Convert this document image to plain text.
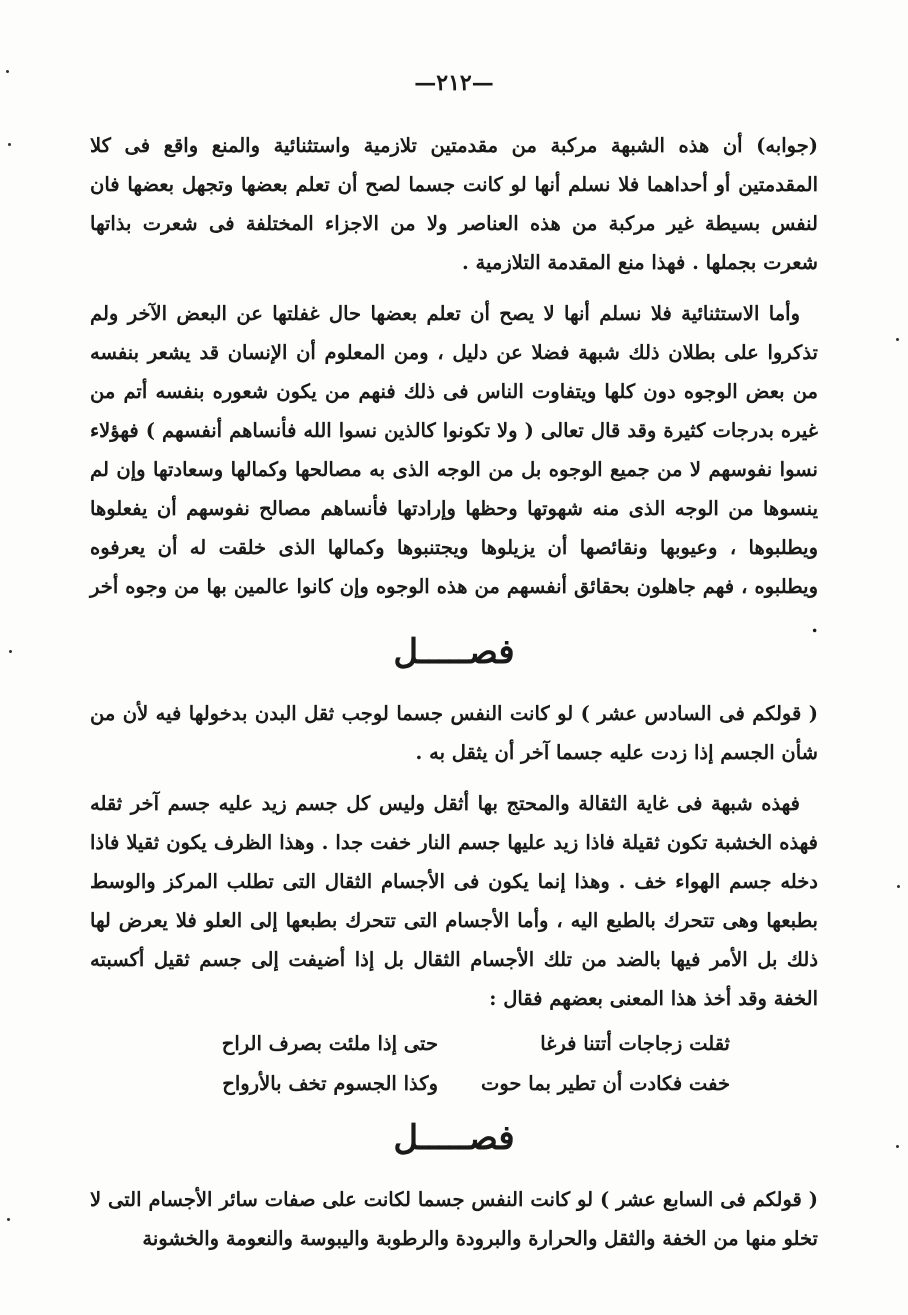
—٢١٢—

(جوابه) أن هذه الشبهة مركبة من مقدمتين تلازمية واستثنائية والمنع واقع فى كلا المقدمتين أو أحداهما فلا نسلم أنها لو كانت جسما لصح أن تعلم بعضها وتجهل بعضها فان لنفس بسيطة غير مركبة من هذه العناصر ولا من الاجزاء المختلفة فى شعرت بذاتها شعرت بجملها . فهذا منع المقدمة التلازمية .

وأما الاستثنائية فلا نسلم أنها لا يصح أن تعلم بعضها حال غفلتها عن البعض الآخر ولم تذكروا على بطلان ذلك شبهة فضلا عن دليل ، ومن المعلوم أن الإنسان قد يشعر بنفسه من بعض الوجوه دون كلها ويتفاوت الناس فى ذلك فنهم من يكون شعوره بنفسه أتم من غيره بدرجات كثيرة وقد قال تعالى ( ولا تكونوا كالذين نسوا الله فأنساهم أنفسهم ) فهؤلاء نسوا نفوسهم لا من جميع الوجوه بل من الوجه الذى به مصالحها وكمالها وسعادتها وإن لم ينسوها من الوجه الذى منه شهوتها وحظها وإرادتها فأنساهم مصالح نفوسهم أن يفعلوها ويطلبوها ، وعيوبها ونقائصها أن يزيلوها ويجتنبوها وكمالها الذى خلقت له أن يعرفوه ويطلبوه ، فهم جاهلون بحقائق أنفسهم من هذه الوجوه وإن كانوا عالمين بها من وجوه أخر .

فصـــــل

( قولكم فى السادس عشر ) لو كانت النفس جسما لوجب ثقل البدن بدخولها فيه لأن من شأن الجسم إذا زدت عليه جسما آخر أن يثقل به .

فهذه شبهة فى غاية الثقالة والمحتج بها أثقل وليس كل جسم زيد عليه جسم آخر ثقله فهذه الخشبة تكون ثقيلة فاذا زيد عليها جسم النار خفت جدا . وهذا الظرف يكون ثقيلا فاذا دخله جسم الهواء خف . وهذا إنما يكون فى الأجسام الثقال التى تطلب المركز والوسط بطبعها وهى تتحرك بالطبع اليه ، وأما الأجسام التى تتحرك بطبعها إلى العلو فلا يعرض لها ذلك بل الأمر فيها بالضد من تلك الأجسام الثقال بل إذا أضيفت إلى جسم ثقيل أكسبته الخفة وقد أخذ هذا المعنى بعضهم فقال :

ثقلت زجاجات أتتنا فرغا
حتى إذا ملئت بصرف الراح
خفت فكادت أن تطير بما حوت
وكذا الجسوم تخف بالأرواح
فصـــــل

( قولكم فى السابع عشر ) لو كانت النفس جسما لكانت على صفات سائر الأجسام التى لا تخلو منها من الخفة والثقل والحرارة والبرودة والرطوبة واليبوسة والنعومة والخشونة
